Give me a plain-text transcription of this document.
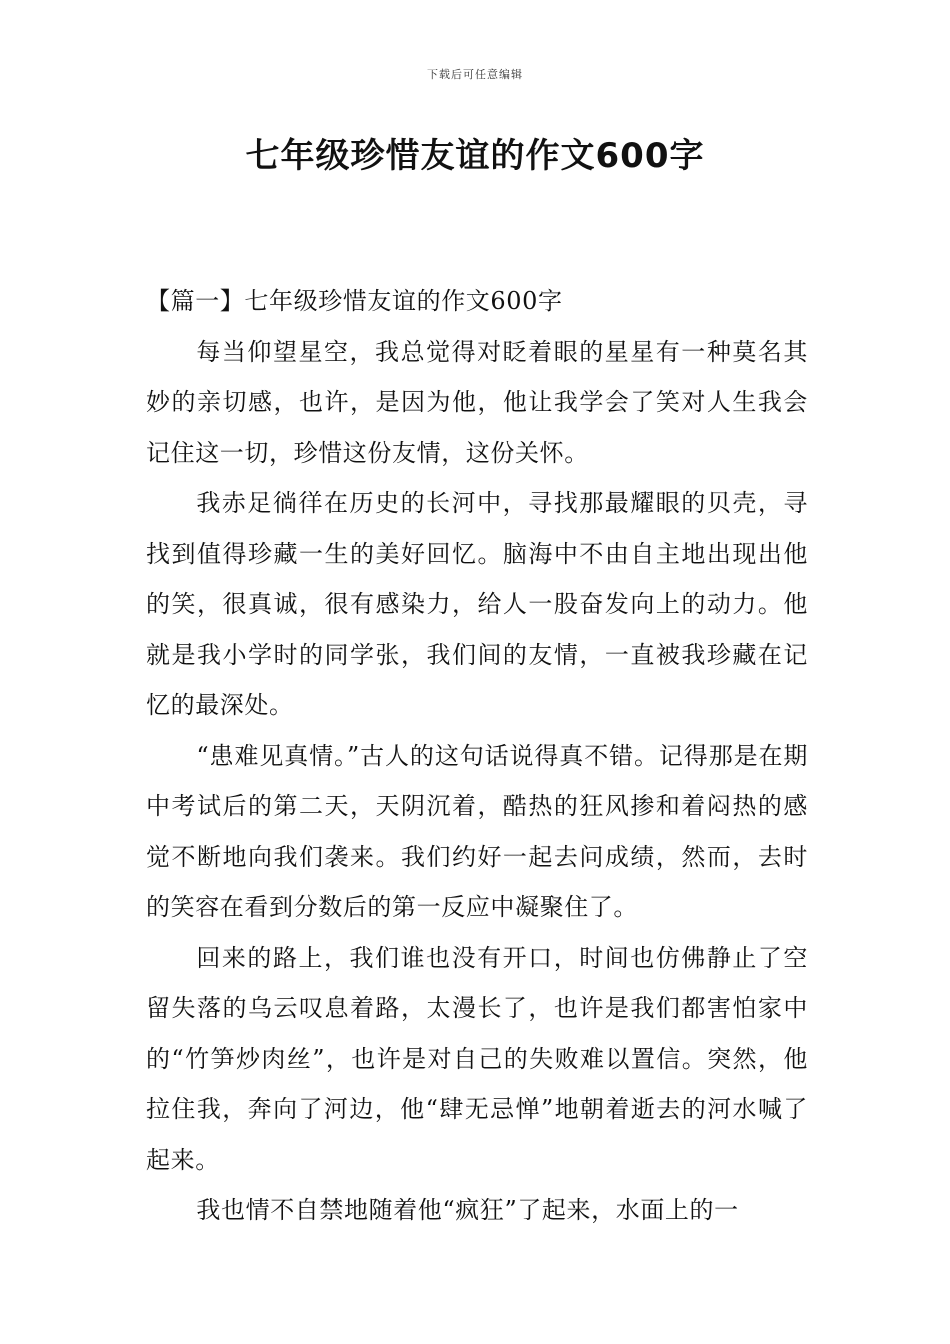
下载后可任意编辑
七年级珍惜友谊的作文600字
【篇一】七年级珍惜友谊的作文600字

每当仰望星空，我总觉得对眨着眼的星星有一种莫名其妙的亲切感，也许，是因为他，他让我学会了笑对人生我会记住这一切，珍惜这份友情，这份关怀。

我赤足徜徉在历史的长河中，寻找那最耀眼的贝壳，寻找到值得珍藏一生的美好回忆。脑海中不由自主地出现出他的笑，很真诚，很有感染力，给人一股奋发向上的动力。他就是我小学时的同学张，我们间的友情，一直被我珍藏在记忆的最深处。

“患难见真情。”古人的这句话说得真不错。记得那是在期中考试后的第二天，天阴沉着，酷热的狂风掺和着闷热的感觉不断地向我们袭来。我们约好一起去问成绩，然而，去时的笑容在看到分数后的第一反应中凝聚住了。

回来的路上，我们谁也没有开口，时间也仿佛静止了空留失落的乌云叹息着路，太漫长了，也许是我们都害怕家中的“竹笋炒肉丝”，也许是对自己的失败难以置信。突然，他拉住我，奔向了河边，他“肆无忌惮”地朝着逝去的河水喊了起来。

我也情不自禁地随着他“疯狂”了起来，水面上的一
